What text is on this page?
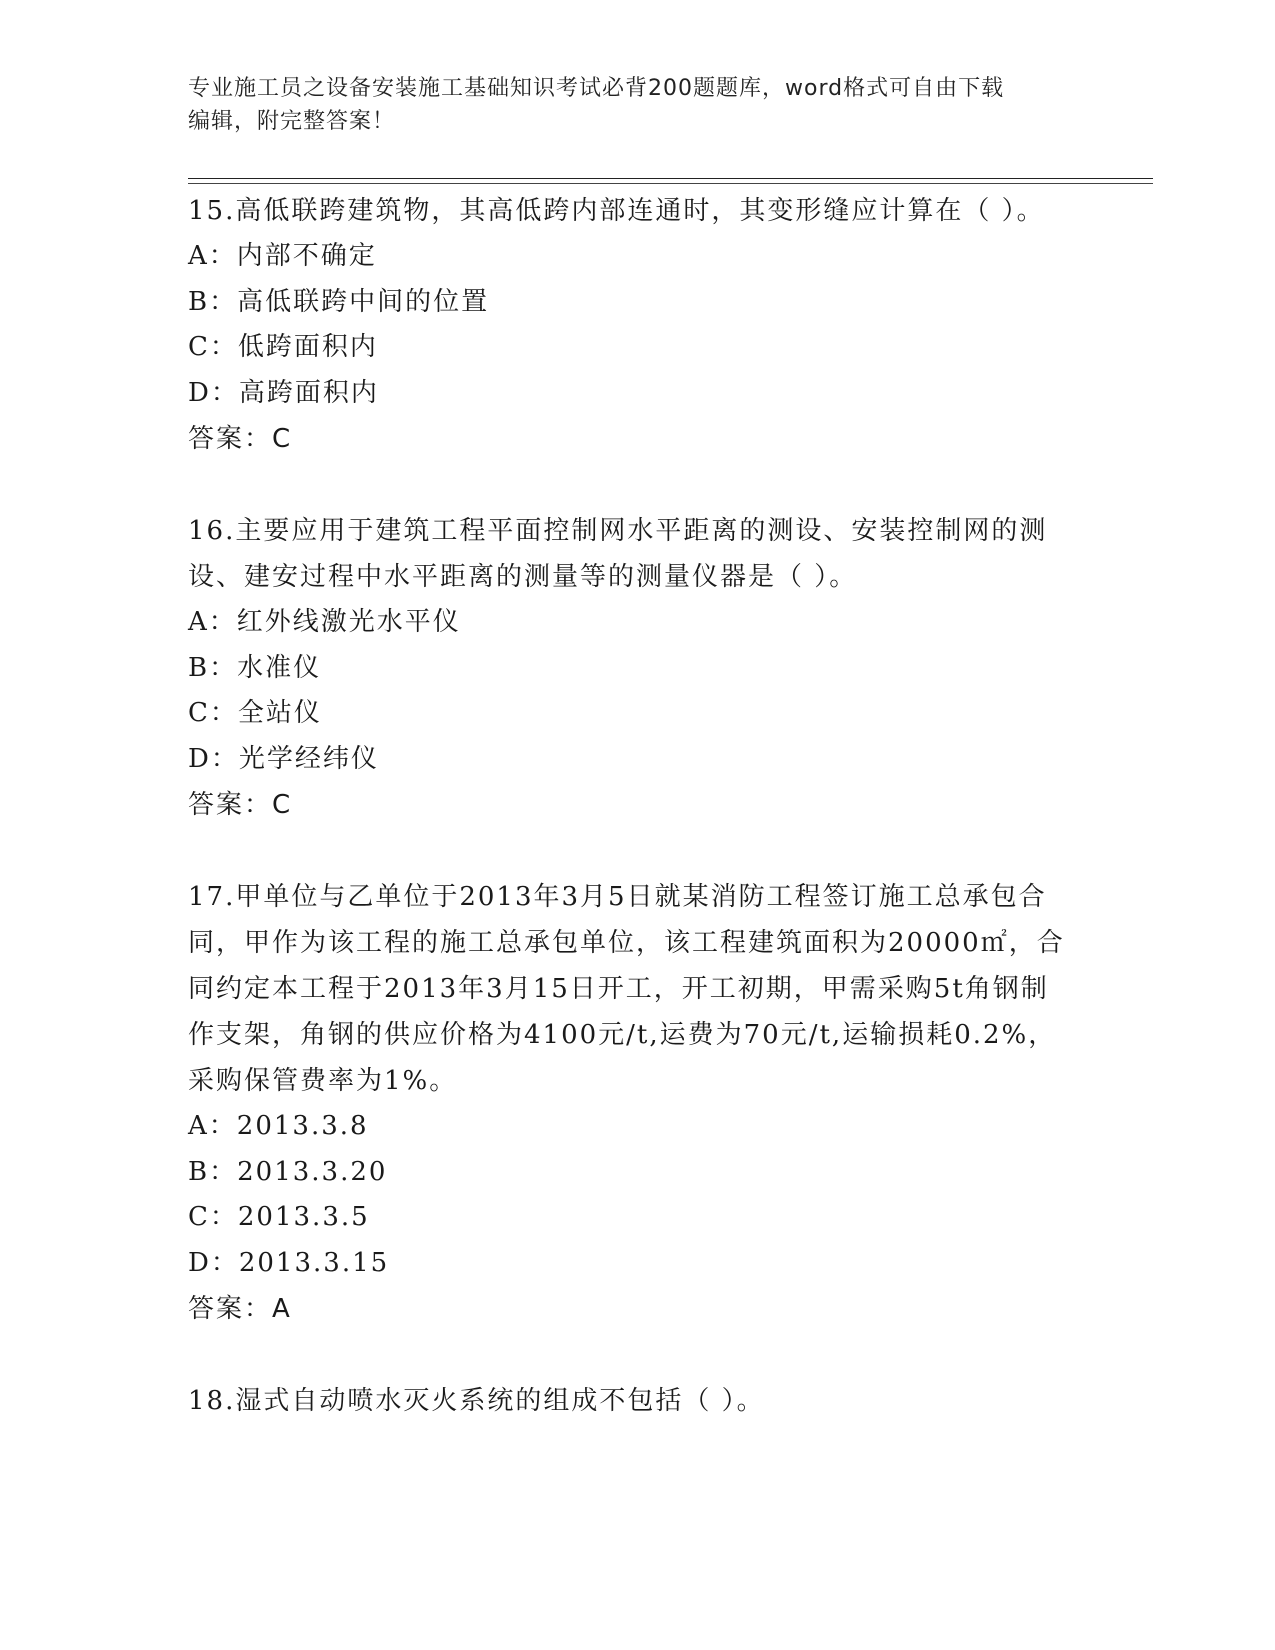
专业施工员之设备安装施工基础知识考试必背200题题库，word格式可自由下载
编辑，附完整答案！

15.高低联跨建筑物，其高低跨内部连通时，其变形缝应计算在（ ）。

A：内部不确定

B：高低联跨中间的位置

C：低跨面积内

D：高跨面积内

答案：C

16.主要应用于建筑工程平面控制网水平距离的测设、安装控制网的测设、建安过程中水平距离的测量等的测量仪器是（ ）。

A：红外线激光水平仪

B：水准仪

C：全站仪

D：光学经纬仪

答案：C

17.甲单位与乙单位于2013年3月5日就某消防工程签订施工总承包合同，甲作为该工程的施工总承包单位，该工程建筑面积为20000㎡，合同约定本工程于2013年3月15日开工，开工初期，甲需采购5t角钢制作支架，角钢的供应价格为4100元/t,运费为70元/t,运输损耗0.2%，采购保管费率为1%。

A：2013.3.8

B：2013.3.20

C：2013.3.5

D：2013.3.15

答案：A

18.湿式自动喷水灭火系统的组成不包括（ ）。
